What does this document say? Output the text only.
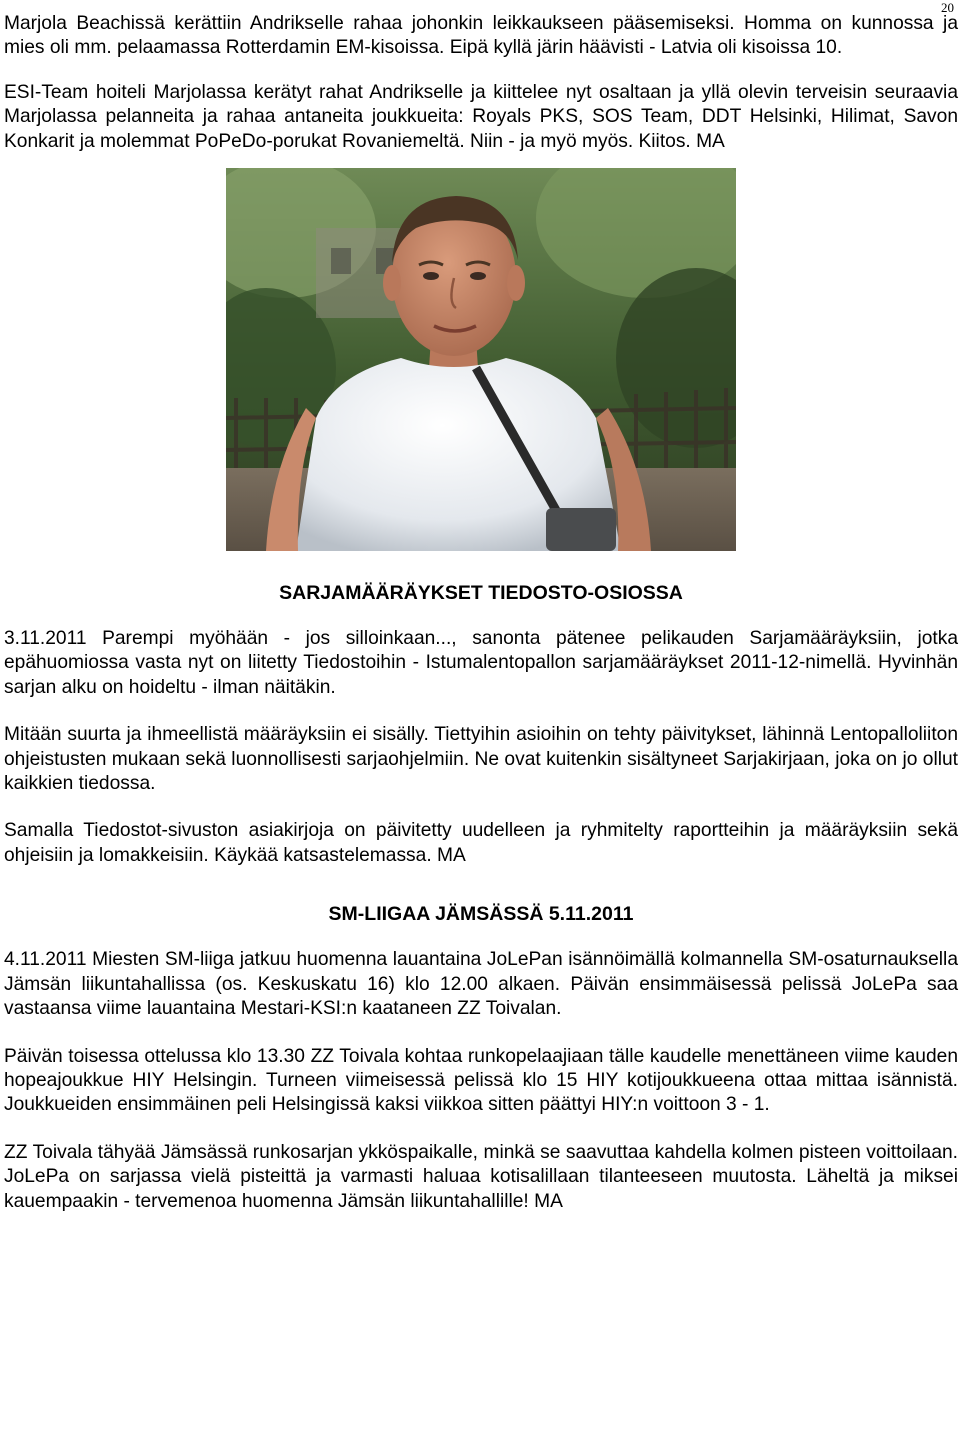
20

Marjola Beachissä kerättiin Andrikselle rahaa johonkin leikkaukseen pääsemiseksi. Homma on kunnossa ja mies oli mm. pelaamassa Rotterdamin EM-kisoissa. Eipä kyllä järin häävisti - Latvia oli kisoissa 10.

ESI-Team hoiteli Marjolassa kerätyt rahat Andrikselle ja kiittelee nyt osaltaan ja yllä olevin terveisin seuraavia Marjolassa pelanneita ja rahaa antaneita joukkueita: Royals PKS, SOS Team, DDT Helsinki, Hilimat, Savon Konkarit ja molemmat PoPeDo-porukat Rovaniemeltä. Niin - ja myö myös. Kiitos. MA

SARJAMÄÄRÄYKSET TIEDOSTO-OSIOSSA

3.11.2011 Parempi myöhään - jos silloinkaan..., sanonta pätenee pelikauden Sarjamääräyksiin, jotka epähuomiossa vasta nyt on liitetty Tiedostoihin - Istumalentopallon sarjamääräykset 2011-12-nimellä. Hyvinhän sarjan alku on hoideltu - ilman näitäkin.

Mitään suurta ja ihmeellistä määräyksiin ei sisälly. Tiettyihin asioihin on tehty päivitykset, lähinnä Lentopalloliiton ohjeistusten mukaan sekä luonnollisesti sarjaohjelmiin. Ne ovat kuitenkin sisältyneet Sarjakirjaan, joka on jo ollut kaikkien tiedossa.

Samalla Tiedostot-sivuston asiakirjoja on päivitetty uudelleen ja ryhmitelty raportteihin ja määräyksiin sekä ohjeisiin ja lomakkeisiin. Käykää katsastelemassa. MA

SM-LIIGAA JÄMSÄSSÄ 5.11.2011

4.11.2011 Miesten SM-liiga jatkuu huomenna lauantaina JoLePan isännöimällä kolmannella SM-osaturnauksella Jämsän liikuntahallissa (os. Keskuskatu 16) klo 12.00 alkaen. Päivän ensimmäisessä pelissä JoLePa saa vastaansa viime lauantaina Mestari-KSI:n kaataneen ZZ Toivalan.

Päivän toisessa ottelussa klo 13.30 ZZ Toivala kohtaa runkopelaajiaan tälle kaudelle menettäneen viime kauden hopeajoukkue HIY Helsingin. Turneen viimeisessä pelissä klo 15 HIY kotijoukkueena ottaa mittaa isännistä. Joukkueiden ensimmäinen peli Helsingissä kaksi viikkoa sitten päättyi HIY:n voittoon 3 - 1.

ZZ Toivala tähyää Jämsässä runkosarjan ykköspaikalle, minkä se saavuttaa kahdella kolmen pisteen voittoilaan. JoLePa on sarjassa vielä pisteittä ja varmasti haluaa kotisalillaan tilanteeseen muutosta. Läheltä ja miksei kauempaakin - tervemenoa huomenna Jämsän liikuntahallille! MA
